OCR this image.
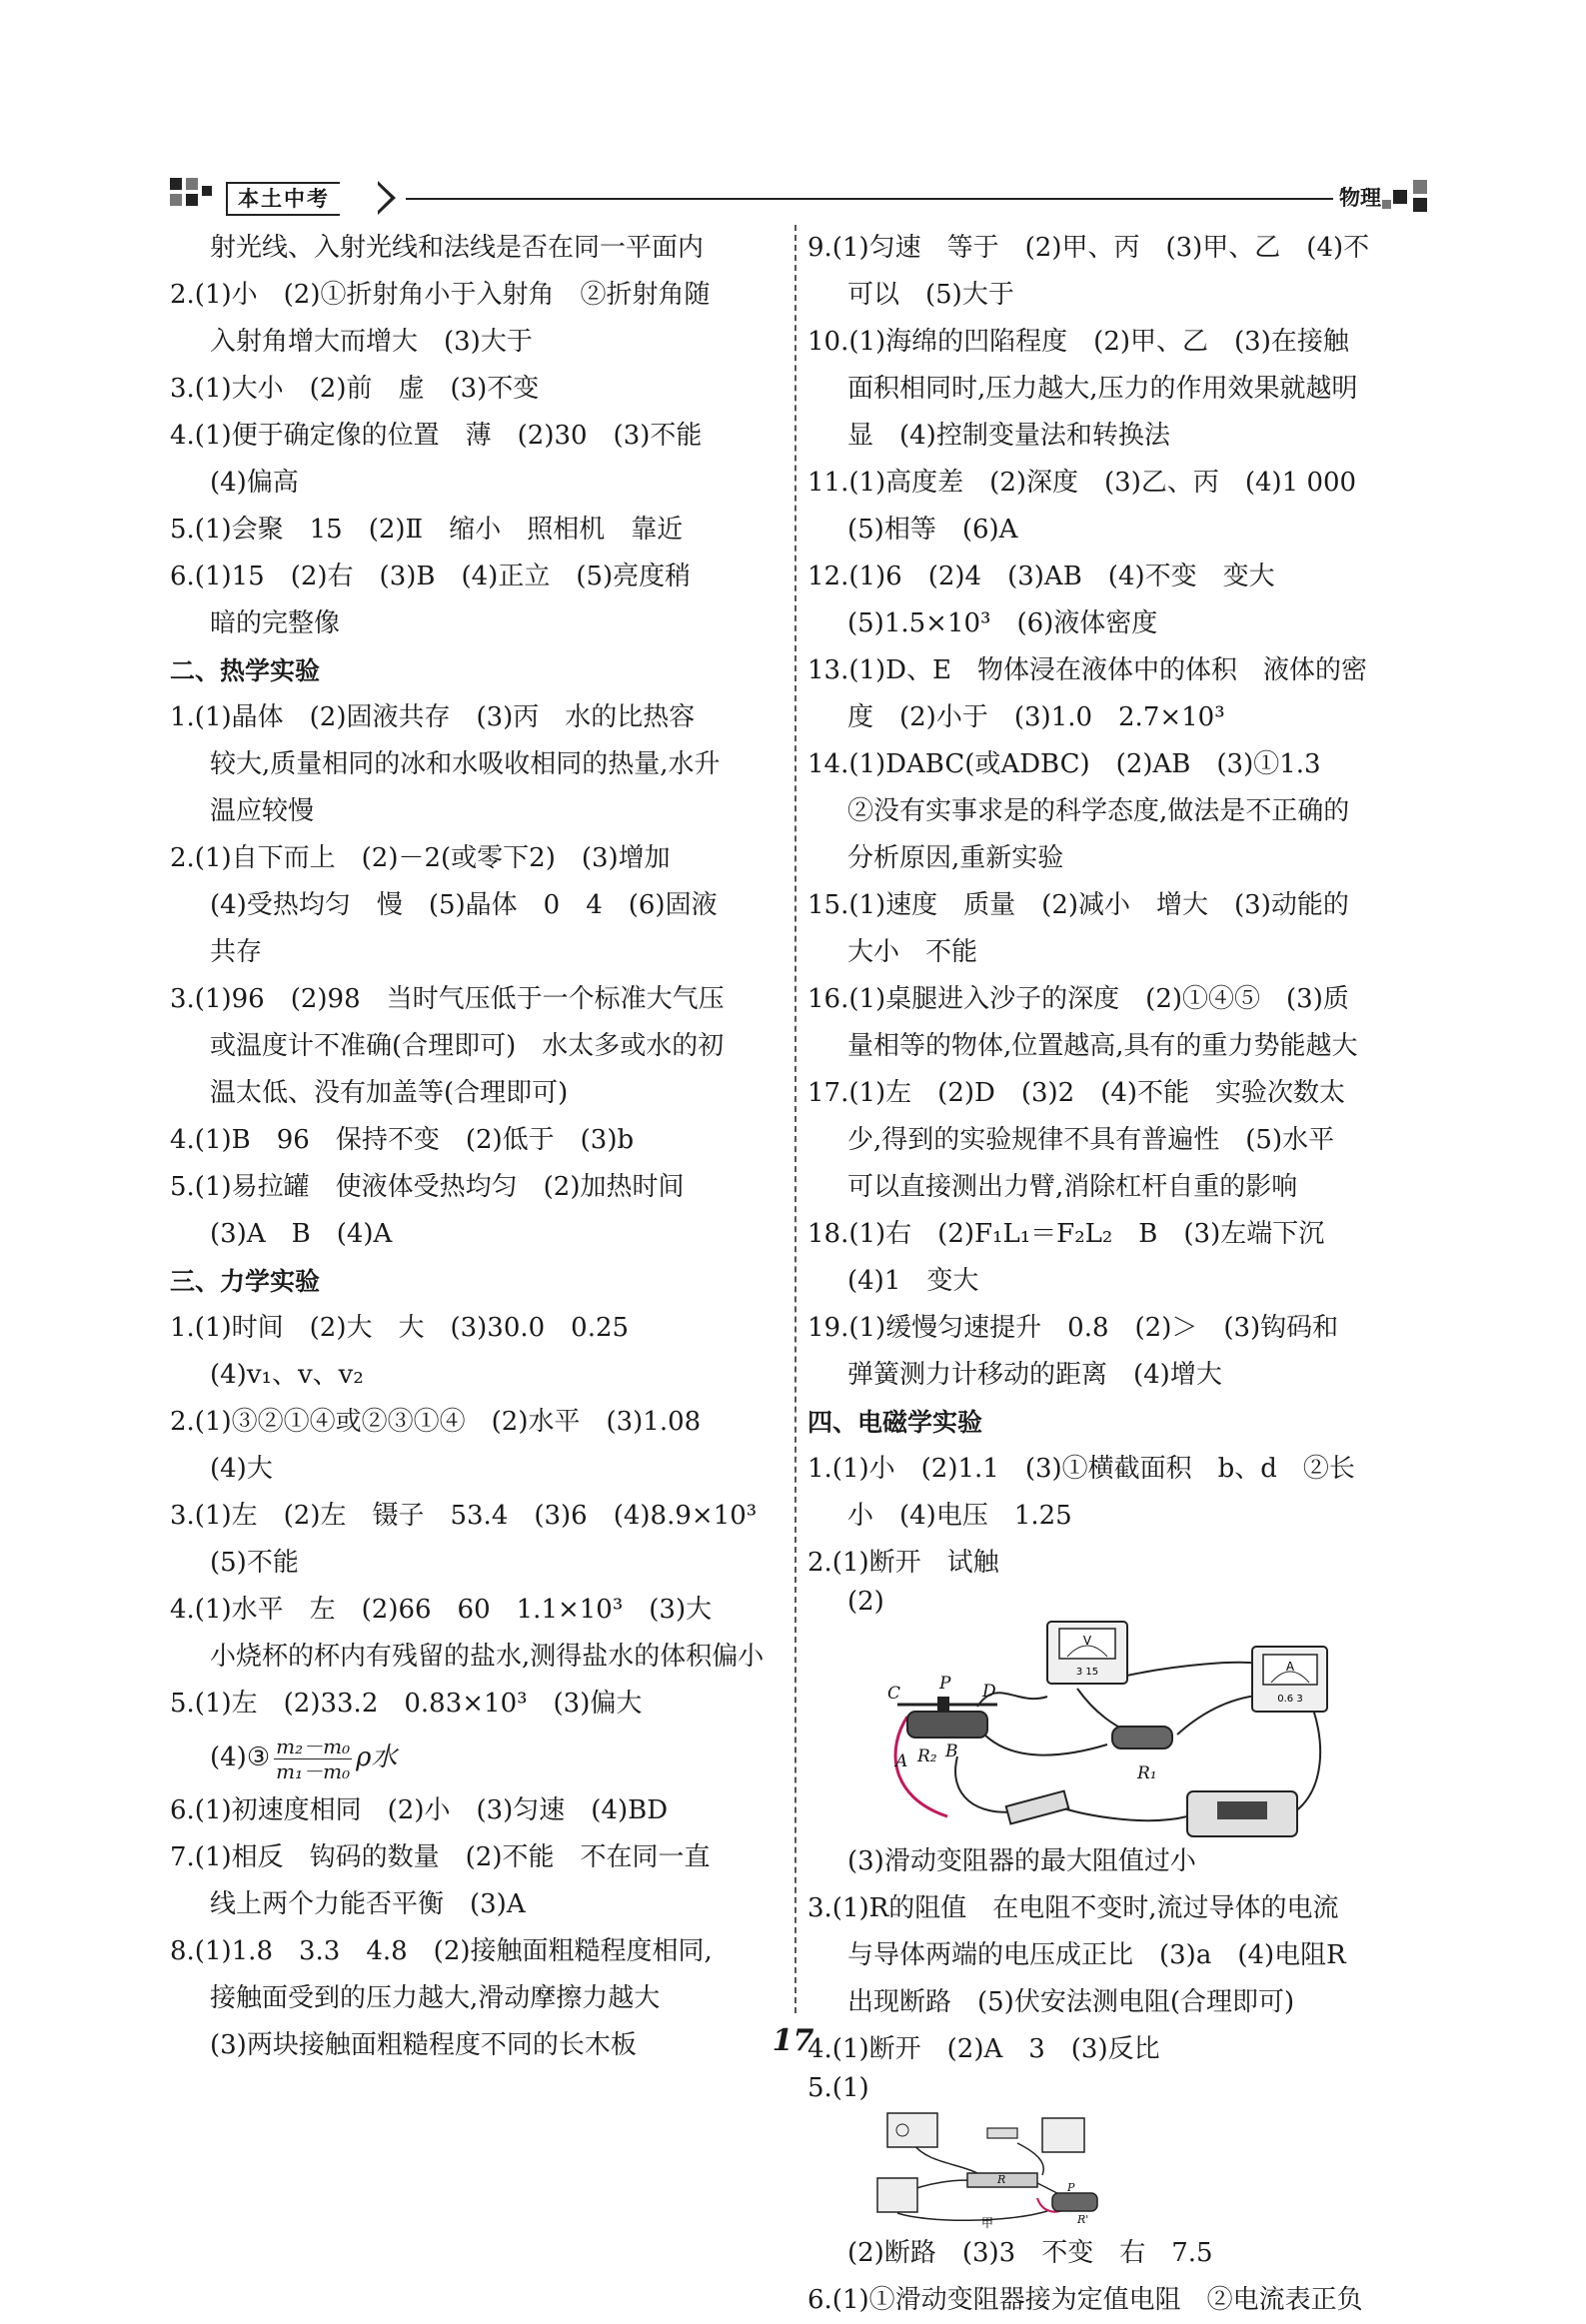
本土中考	物理
射光线、入射光线和法线是否在同一平面内
2.(1)小　(2)①折射角小于入射角　②折射角随
入射角增大而增大　(3)大于
3.(1)大小　(2)前　虚　(3)不变
4.(1)便于确定像的位置　薄　(2)30　(3)不能
(4)偏高
5.(1)会聚　15　(2)Ⅱ　缩小　照相机　靠近
6.(1)15　(2)右　(3)B　(4)正立　(5)亮度稍
暗的完整像
二、热学实验
1.(1)晶体　(2)固液共存　(3)丙　水的比热容
较大,质量相同的冰和水吸收相同的热量,水升
温应较慢
2.(1)自下而上　(2)－2(或零下2)　(3)增加
(4)受热均匀　慢　(5)晶体　0　4　(6)固液
共存
3.(1)96　(2)98　当时气压低于一个标准大气压
或温度计不准确(合理即可)　水太多或水的初
温太低、没有加盖等(合理即可)
4.(1)B　96　保持不变　(2)低于　(3)b
5.(1)易拉罐　使液体受热均匀　(2)加热时间
(3)A　B　(4)A
三、力学实验
1.(1)时间　(2)大　大　(3)30.0　0.25
(4)v₁、v、v₂
2.(1)③②①④或②③①④　(2)水平　(3)1.08
(4)大
3.(1)左　(2)左　镊子　53.4　(3)6　(4)8.9×10³
(5)不能
4.(1)水平　左　(2)66　60　1.1×10³　(3)大
小烧杯的杯内有残留的盐水,测得盐水的体积偏小
5.(1)左　(2)33.2　0.83×10³　(3)偏大
(4)③ $\frac{\text{m₂－m₀}}{\text{m₁－m₀}}$ ρ水
6.(1)初速度相同　(2)小　(3)匀速　(4)BD
7.(1)相反　钩码的数量　(2)不能　不在同一直
线上两个力能否平衡　(3)A
8.(1)1.8　3.3　4.8　(2)接触面粗糙程度相同,
接触面受到的压力越大,滑动摩擦力越大
(3)两块接触面粗糙程度不同的长木板
9.(1)匀速　等于　(2)甲、丙　(3)甲、乙　(4)不
可以　(5)大于
10.(1)海绵的凹陷程度　(2)甲、乙　(3)在接触
面积相同时,压力越大,压力的作用效果就越明
显　(4)控制变量法和转换法
11.(1)高度差　(2)深度　(3)乙、丙　(4)1 000
(5)相等　(6)A
12.(1)6　(2)4　(3)AB　(4)不变　变大
(5)1.5×10³　(6)液体密度
13.(1)D、E　物体浸在液体中的体积　液体的密
度　(2)小于　(3)1.0　2.7×10³
14.(1)DABC(或ADBC)　(2)AB　(3)①1.3
②没有实事求是的科学态度,做法是不正确的
分析原因,重新实验
15.(1)速度　质量　(2)减小　增大　(3)动能的
大小　不能
16.(1)桌腿进入沙子的深度　(2)①④⑤　(3)质
量相等的物体,位置越高,具有的重力势能越大
17.(1)左　(2)D　(3)2　(4)不能　实验次数太
少,得到的实验规律不具有普遍性　(5)水平
可以直接测出力臂,消除杠杆自重的影响
18.(1)右　(2)F₁L₁＝F₂L₂　B　(3)左端下沉
(4)1　变大
19.(1)缓慢匀速提升　0.8　(2)＞　(3)钩码和
弹簧测力计移动的距离　(4)增大
四、电磁学实验
1.(1)小　(2)1.1　(3)①横截面积　b、d　②长
小　(4)电压　1.25
2.(1)断开　试触
(2)
V
3 15	A
0.6 3
C P D
A R₂ B
R₁
(3)滑动变阻器的最大阻值过小
3.(1)R的阻值　在电阻不变时,流过导体的电流
与导体两端的电压成正比　(3)a　(4)电阻R
出现断路　(5)伏安法测电阻(合理即可)
4.(1)断开　(2)A　3　(3)反比
5.(1)
R
P
R'
甲
(2)断路　(3)3　不变　右　7.5
6.(1)①滑动变阻器接为定值电阻　②电流表正负
17
